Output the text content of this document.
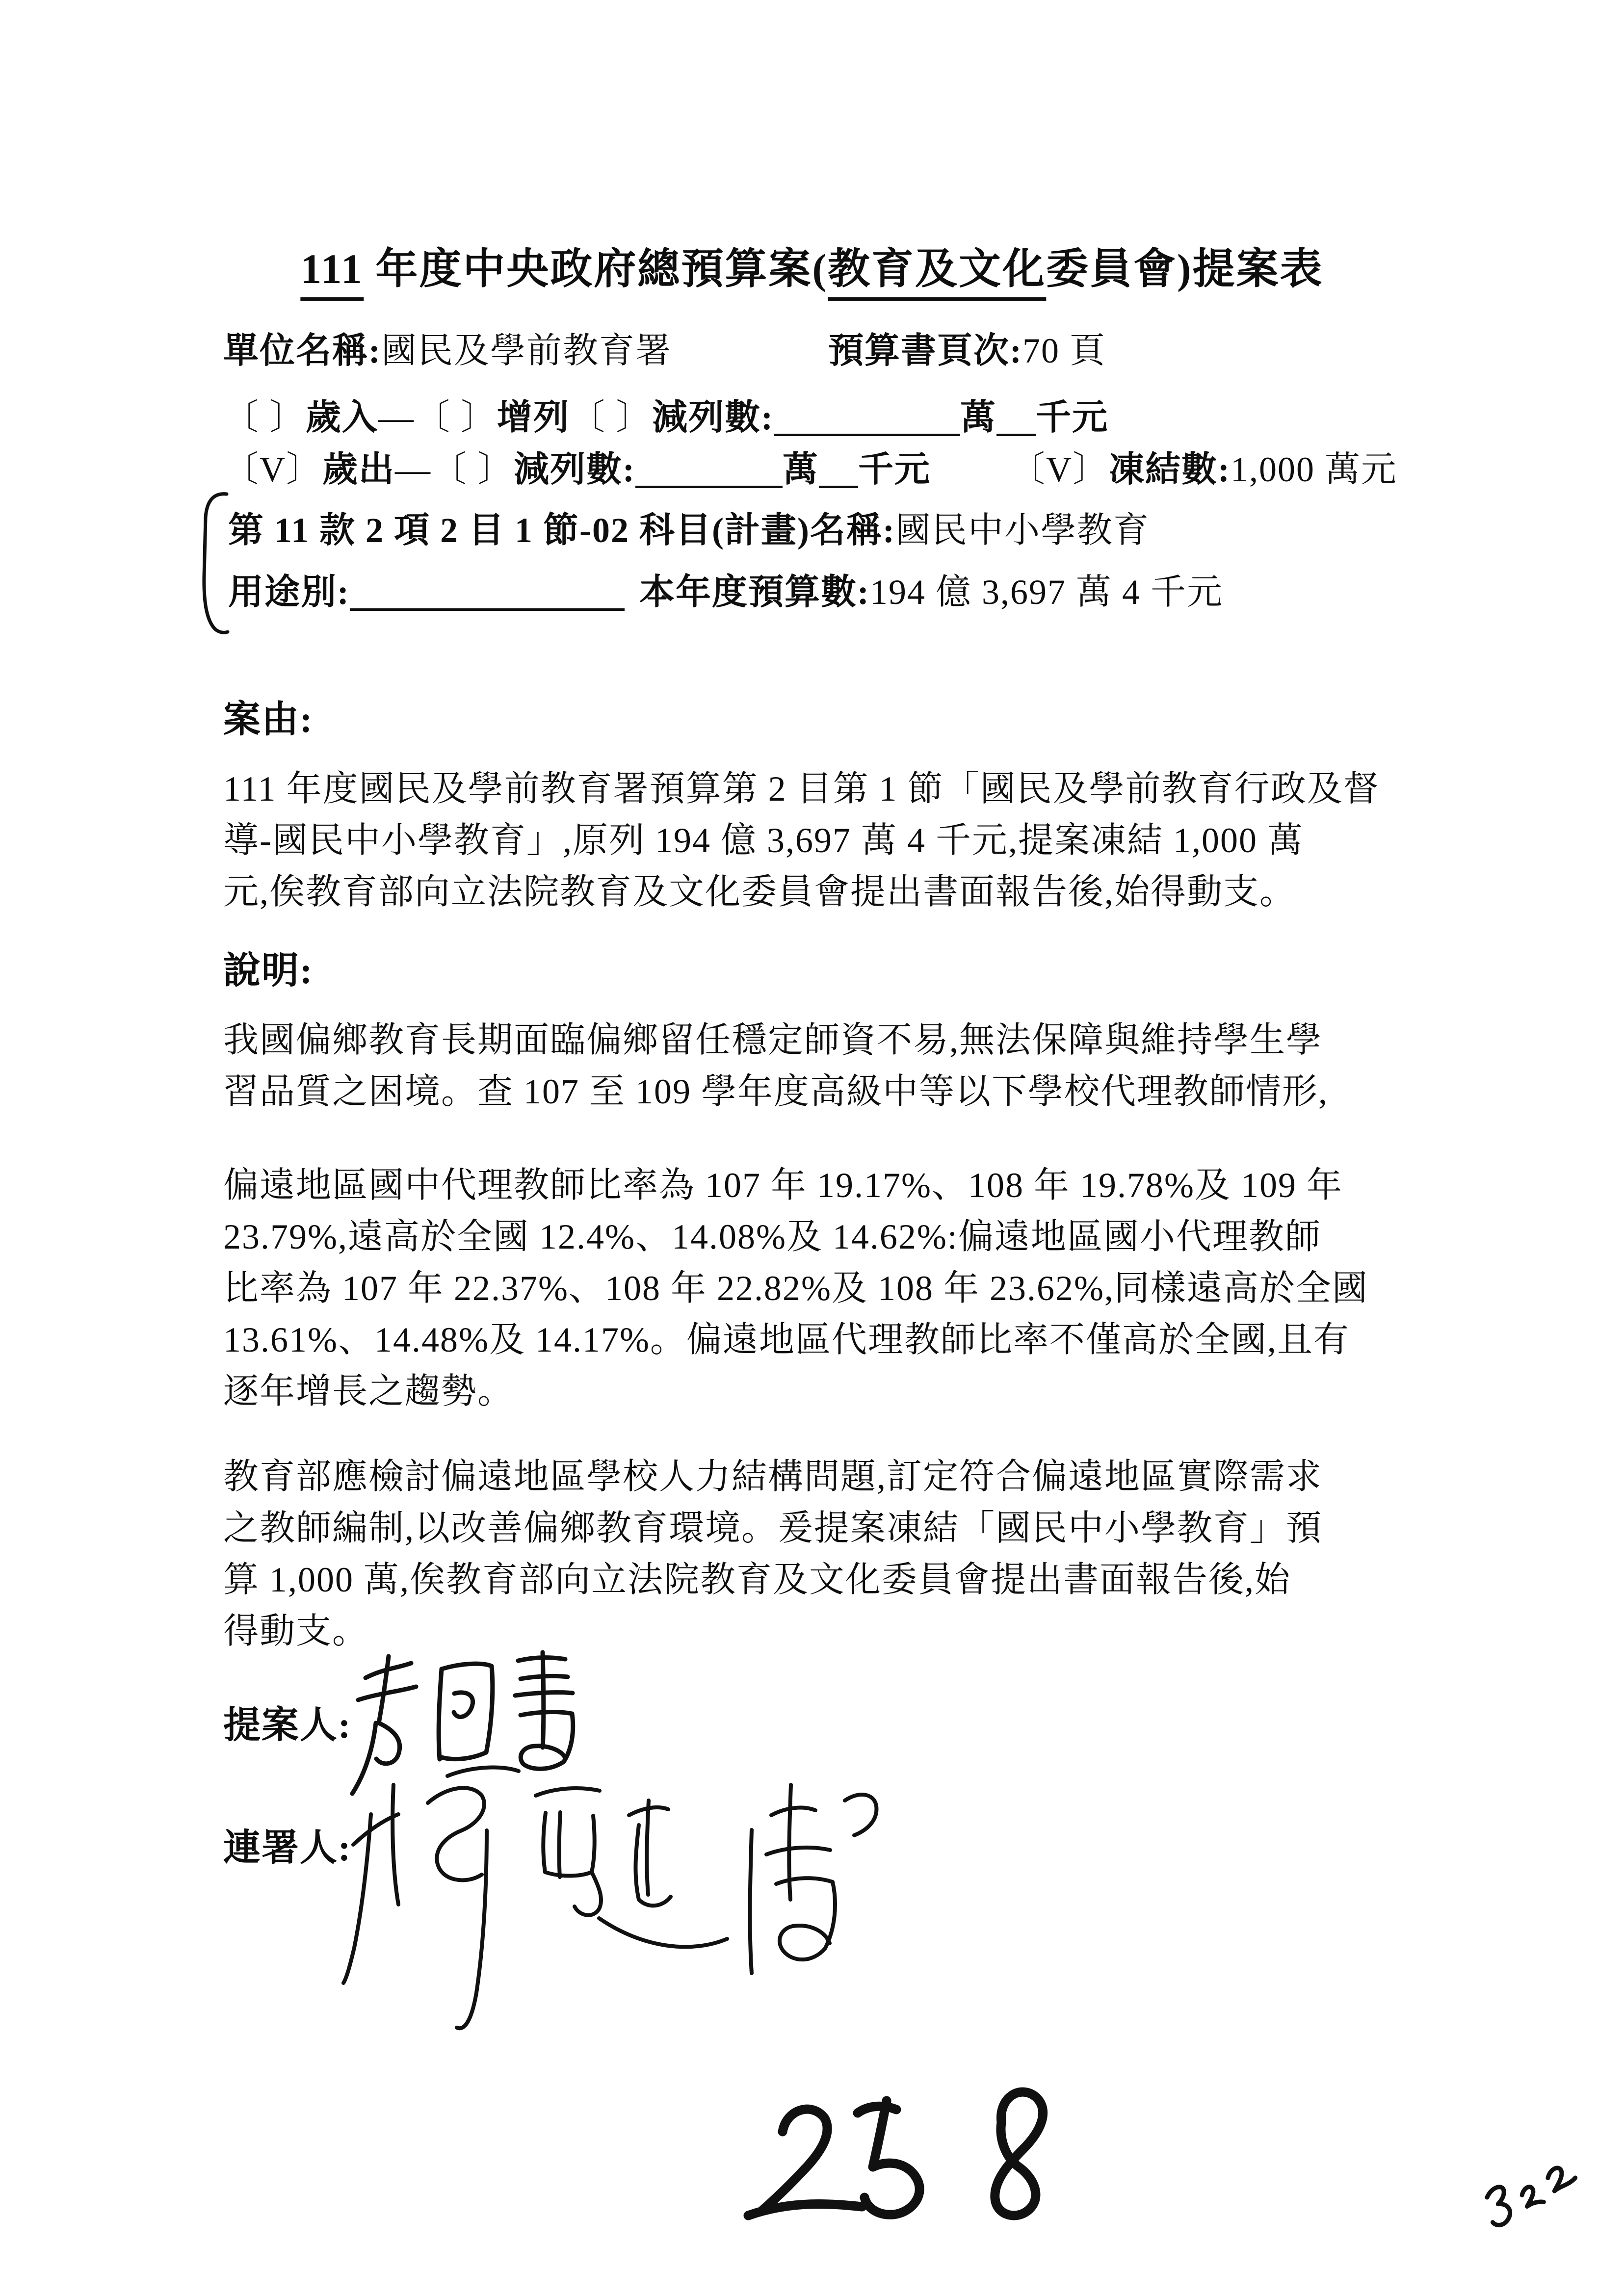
111 年度中央政府總預算案(教育及文化委員會)提案表
單位名稱:國民及學前教育署	預算書頁次:70 頁
〔 〕歲入—〔 〕增列〔 〕減列數:	萬 千元
〔V〕歲出—〔 〕減列數:	萬 千元 〔V〕凍結數:1,000 萬元
第 11 款 2 項 2 目 1 節-02 科目(計畫)名稱:國民中小學教育
用途別:	本年度預算數:194 億 3,697 萬 4 千元
案由:
111 年度國民及學前教育署預算第 2 目第 1 節「國民及學前教育行政及督
導-國民中小學教育」,原列 194 億 3,697 萬 4 千元,提案凍結 1,000 萬
元,俟教育部向立法院教育及文化委員會提出書面報告後,始得動支。
說明:
我國偏鄉教育長期面臨偏鄉留任穩定師資不易,無法保障與維持學生學
習品質之困境。查 107 至 109 學年度高級中等以下學校代理教師情形,
偏遠地區國中代理教師比率為 107 年 19.17%、108 年 19.78%及 109 年
23.79%,遠高於全國 12.4%、14.08%及 14.62%:偏遠地區國小代理教師
比率為 107 年 22.37%、108 年 22.82%及 108 年 23.62%,同樣遠高於全國
13.61%、14.48%及 14.17%。偏遠地區代理教師比率不僅高於全國,且有
逐年增長之趨勢。
教育部應檢討偏遠地區學校人力結構問題,訂定符合偏遠地區實際需求
之教師編制,以改善偏鄉教育環境。爰提案凍結「國民中小學教育」預
算 1,000 萬,俟教育部向立法院教育及文化委員會提出書面報告後,始
得動支。
提案人:
連署人:
